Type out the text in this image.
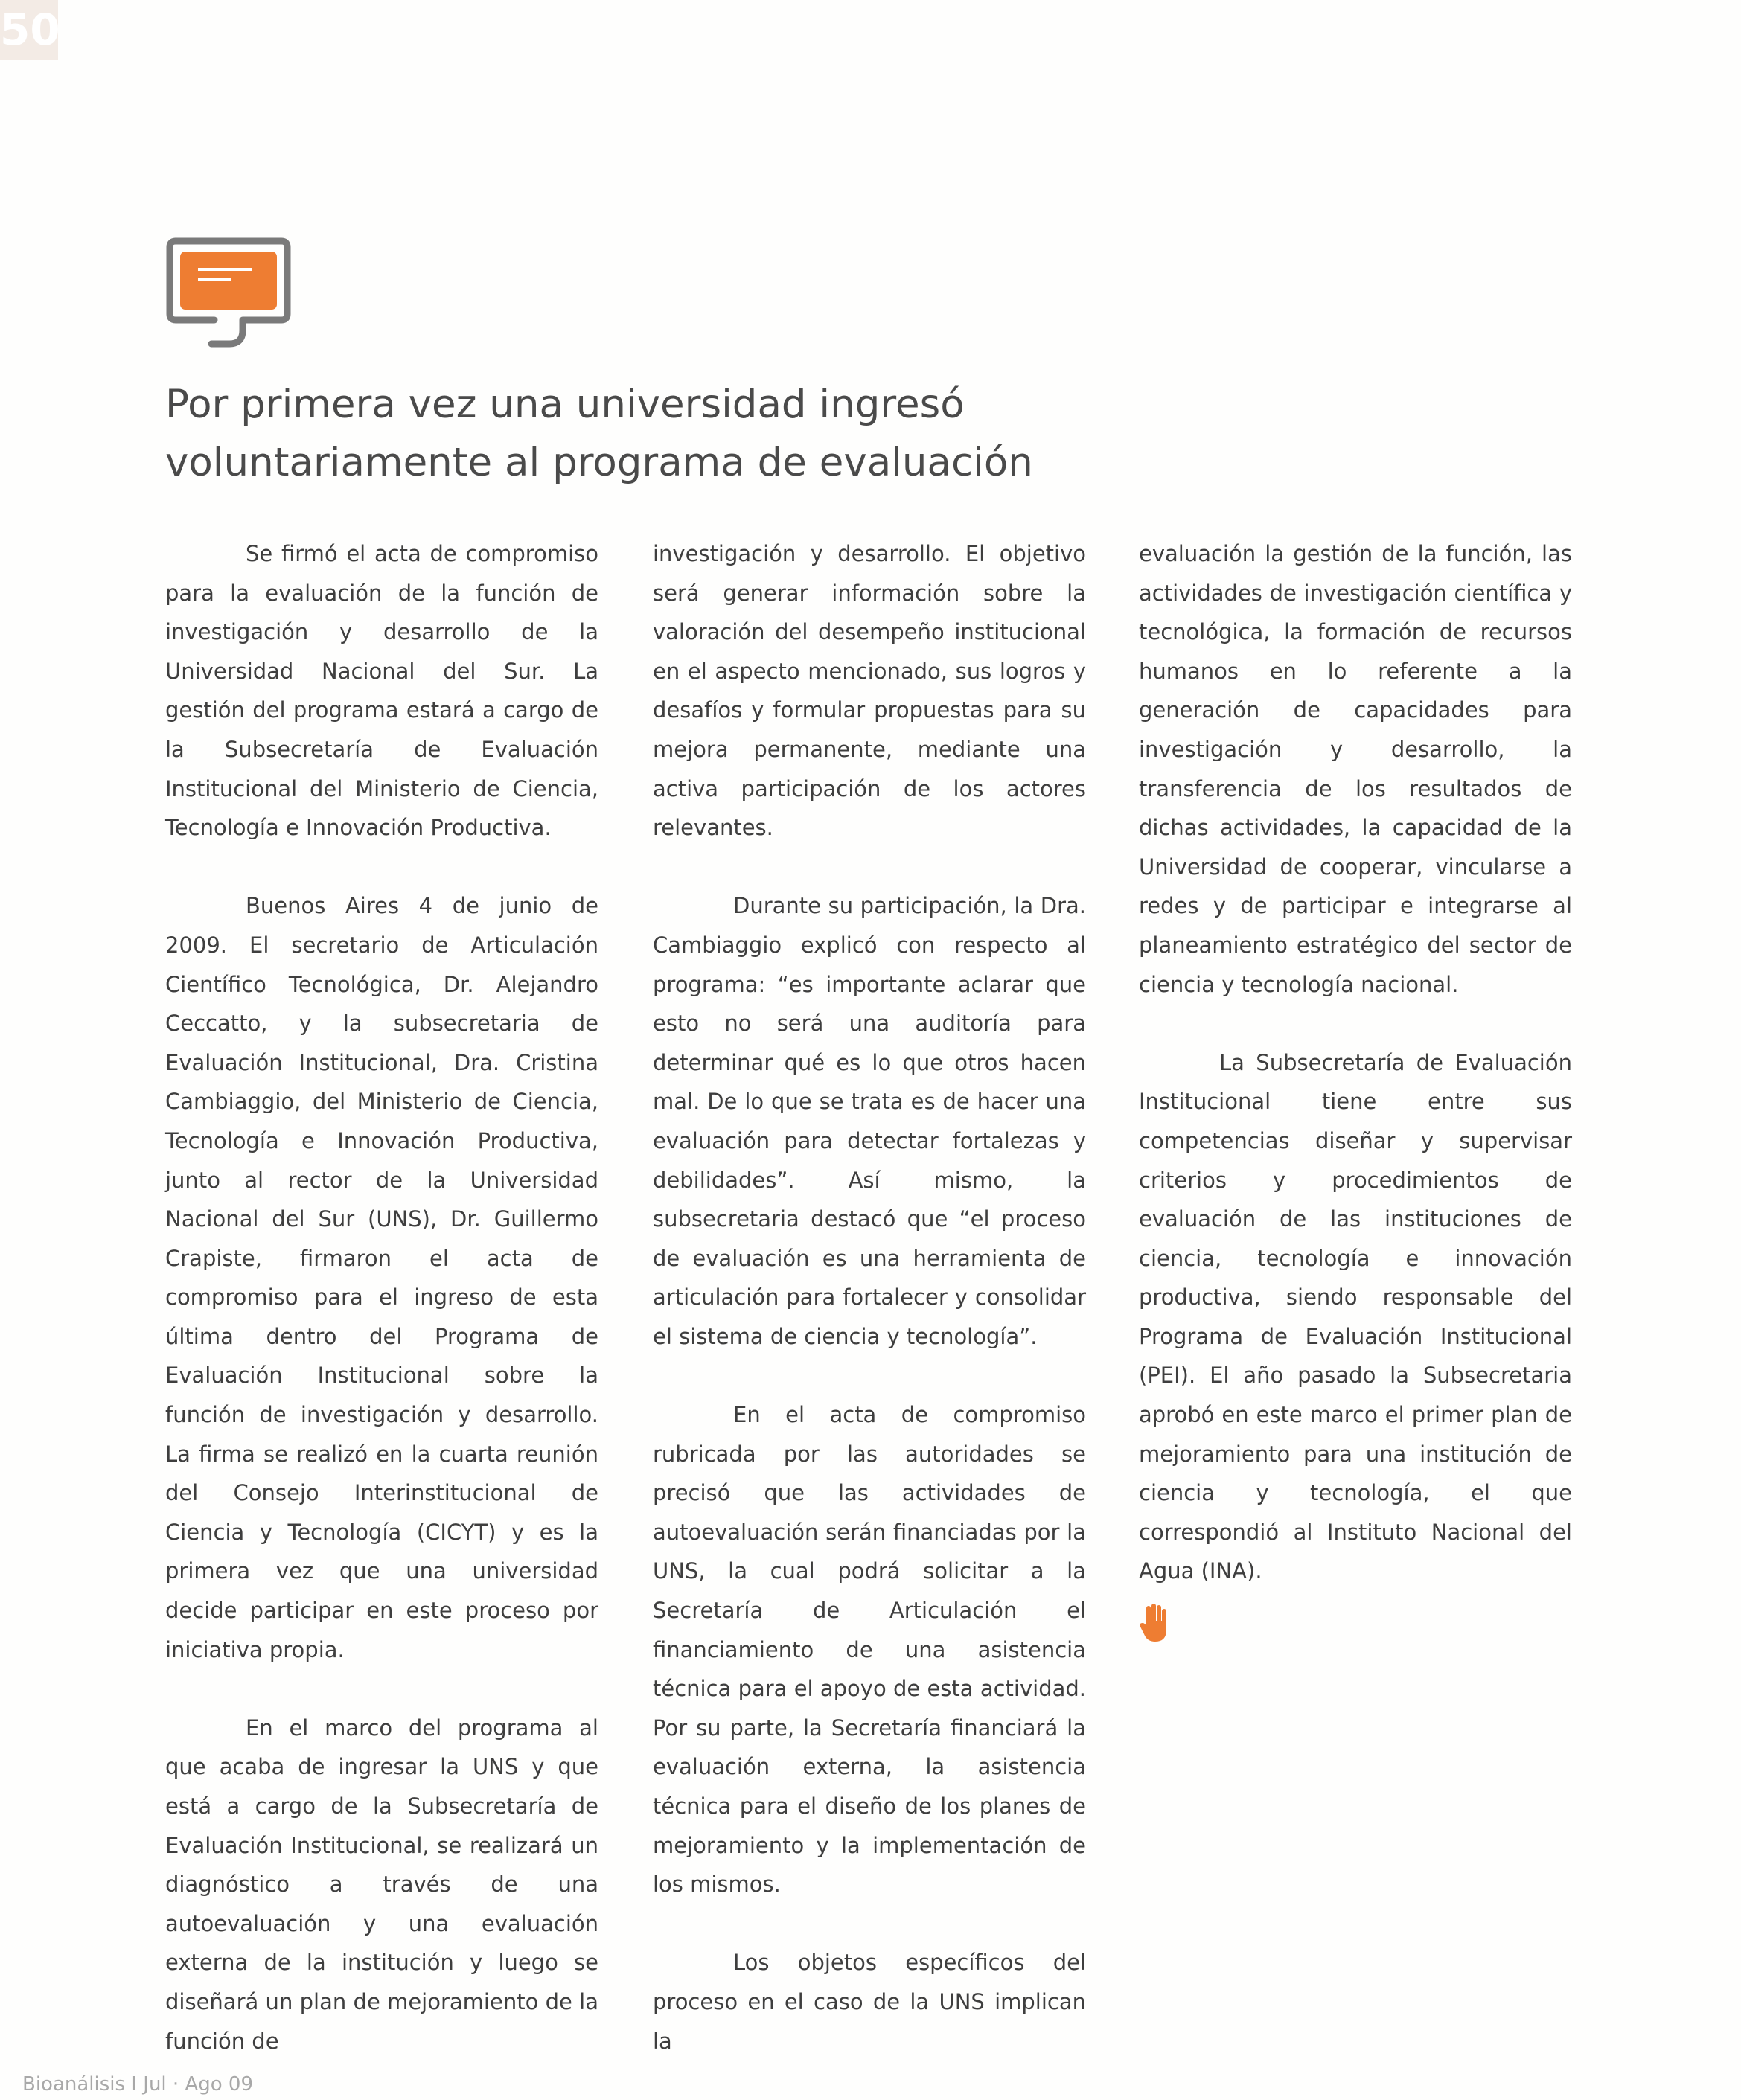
50
Por primera vez una universidad ingresó
voluntariamente al programa de evaluación

Se firmó el acta de compromiso para la evaluación de la función de investigación y desarrollo de la Universidad Nacional del Sur. La gestión del programa estará a cargo de la Subsecretaría de Evaluación Institucional del Ministerio de Ciencia, Tecnología e Innovación Productiva.

Buenos Aires 4 de junio de 2009. El secretario de Articulación Científico Tecnológica, Dr. Alejandro Ceccatto, y la subsecretaria de Evaluación Institucional, Dra. Cristina Cambiaggio, del Ministerio de Ciencia, Tecnología e Innovación Productiva, junto al rector de la Universidad Nacional del Sur (UNS), Dr. Guillermo Crapiste, firmaron el acta de compromiso para el ingreso de esta última dentro del Programa de Evaluación Institucional sobre la función de investigación y desarrollo. La firma se realizó en la cuarta reunión del Consejo Interinstitucional de Ciencia y Tecnología (CICYT) y es la primera vez que una universidad decide participar en este proceso por iniciativa propia.

En el marco del programa al que acaba de ingresar la UNS y que está a cargo de la Subsecretaría de Evaluación Institucional, se realizará un diagnóstico a través de una autoevaluación y una evaluación externa de la institución y luego se diseñará un plan de mejoramiento de la función de

investigación y desarrollo. El objetivo será generar información sobre la valoración del desempeño institucional en el aspecto mencionado, sus logros y desafíos y formular propuestas para su mejora permanente, mediante una activa participación de los actores relevantes.

Durante su participación, la Dra. Cambiaggio explicó con respecto al programa: “es importante aclarar que esto no será una auditoría para determinar qué es lo que otros hacen mal. De lo que se trata es de hacer una evaluación para detectar fortalezas y debilidades”. Así mismo, la subsecretaria destacó que “el proceso de evaluación es una herramienta de articulación para fortalecer y consolidar el sistema de ciencia y tecnología”.

En el acta de compromiso rubricada por las autoridades se precisó que las actividades de autoevaluación serán financiadas por la UNS, la cual podrá solicitar a la Secretaría de Articulación el financiamiento de una asistencia técnica para el apoyo de esta actividad. Por su parte, la Secretaría financiará la evaluación externa, la asistencia técnica para el diseño de los planes de mejoramiento y la implementación de los mismos.

Los objetos específicos del proceso en el caso de la UNS implican la

evaluación la gestión de la función, las actividades de investigación científica y tecnológica, la formación de recursos humanos en lo referente a la generación de capacidades para investigación y desarrollo, la transferencia de los resultados de dichas actividades, la capacidad de la Universidad de cooperar, vincularse a redes y de participar e integrarse al planeamiento estratégico del sector de ciencia y tecnología nacional.

La Subsecretaría de Evaluación Institucional tiene entre sus competencias diseñar y supervisar criterios y procedimientos de evaluación de las instituciones de ciencia, tecnología e innovación productiva, siendo responsable del Programa de Evaluación Institucional (PEI). El año pasado la Subsecretaria aprobó en este marco el primer plan de mejoramiento para una institución de ciencia y tecnología, el que correspondió al Instituto Nacional del Agua (INA).

Bioanálisis I Jul · Ago 09
